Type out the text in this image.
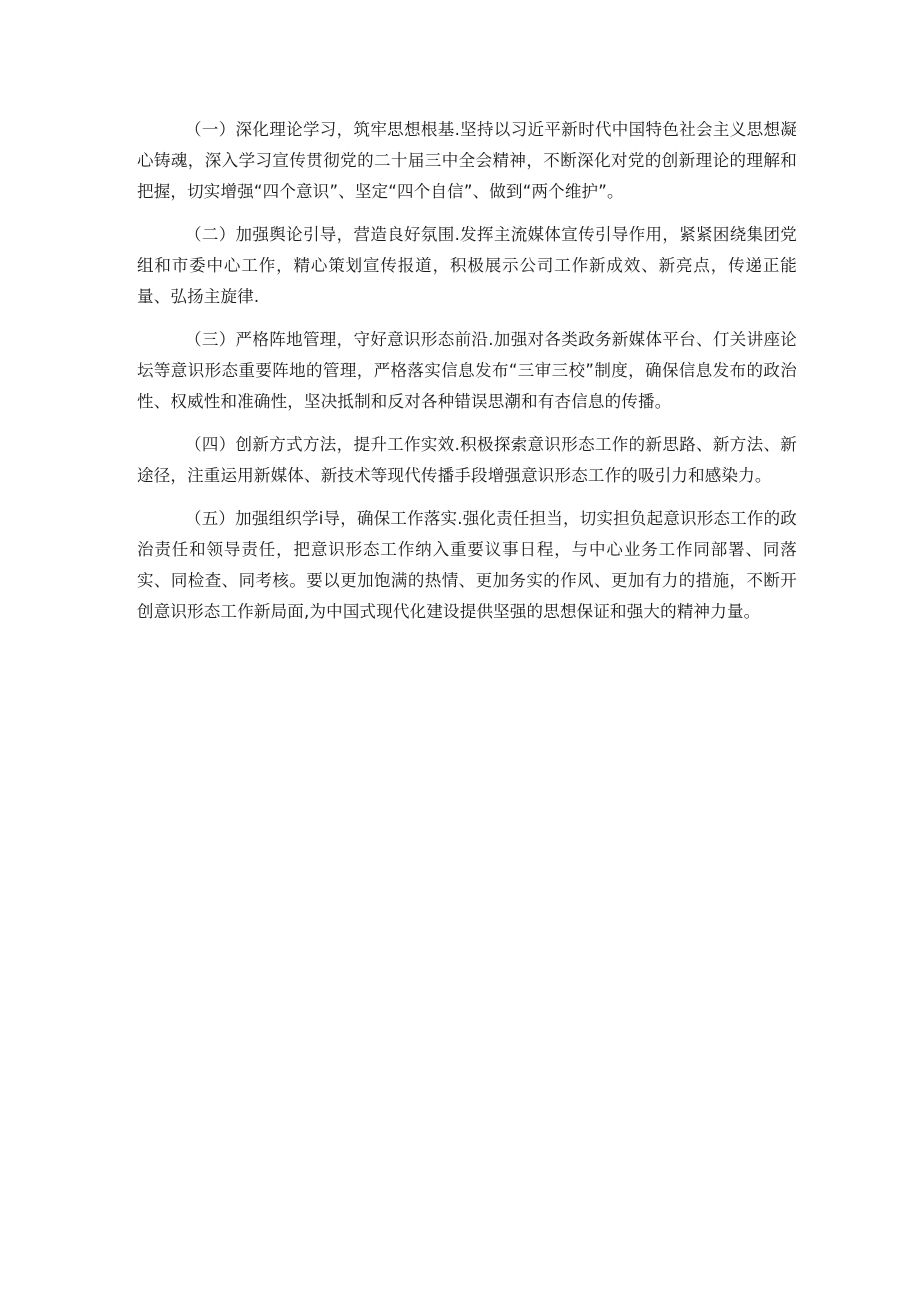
（一）深化理论学习，筑牢思想根基.坚持以习近平新时代中国特色社会主义思想凝心铸魂，深入学习宣传贯彻党的二十届三中全会精神，不断深化对党的创新理论的理解和把握，切实增强“四个意识”、坚定“四个自信”、做到“两个维护”。

（二）加强舆论引导，营造良好氛围.发挥主流媒体宣传引导作用，紧紧困绕集团党组和市委中心工作，精心策划宣传报道，积极展示公司工作新成效、新亮点，传递正能量、弘扬主旋律.

（三）严格阵地管理，守好意识形态前沿.加强对各类政务新媒体平台、仃关讲座论坛等意识形态重要阵地的管理，严格落实信息发布“三审三校”制度，确保信息发布的政治性、权威性和准确性，坚决抵制和反对各种错误思潮和有杏信息的传播。

（四）创新方式方法，提升工作实效.积极探索意识形态工作的新思路、新方法、新途径，注重运用新媒体、新技术等现代传播手段增强意识形态工作的吸引力和感染力。

（五）加强组织学i导，确保工作落实.强化责任担当，切实担负起意识形态工作的政治责任和领导责任，把意识形态工作纳入重要议事日程，与中心业务工作同部署、同落实、同检查、同考核。要以更加饱满的热情、更加务实的作风、更加有力的措施，不断开创意识形态工作新局面,为中国式现代化建设提供坚强的思想保证和强大的精神力量。
